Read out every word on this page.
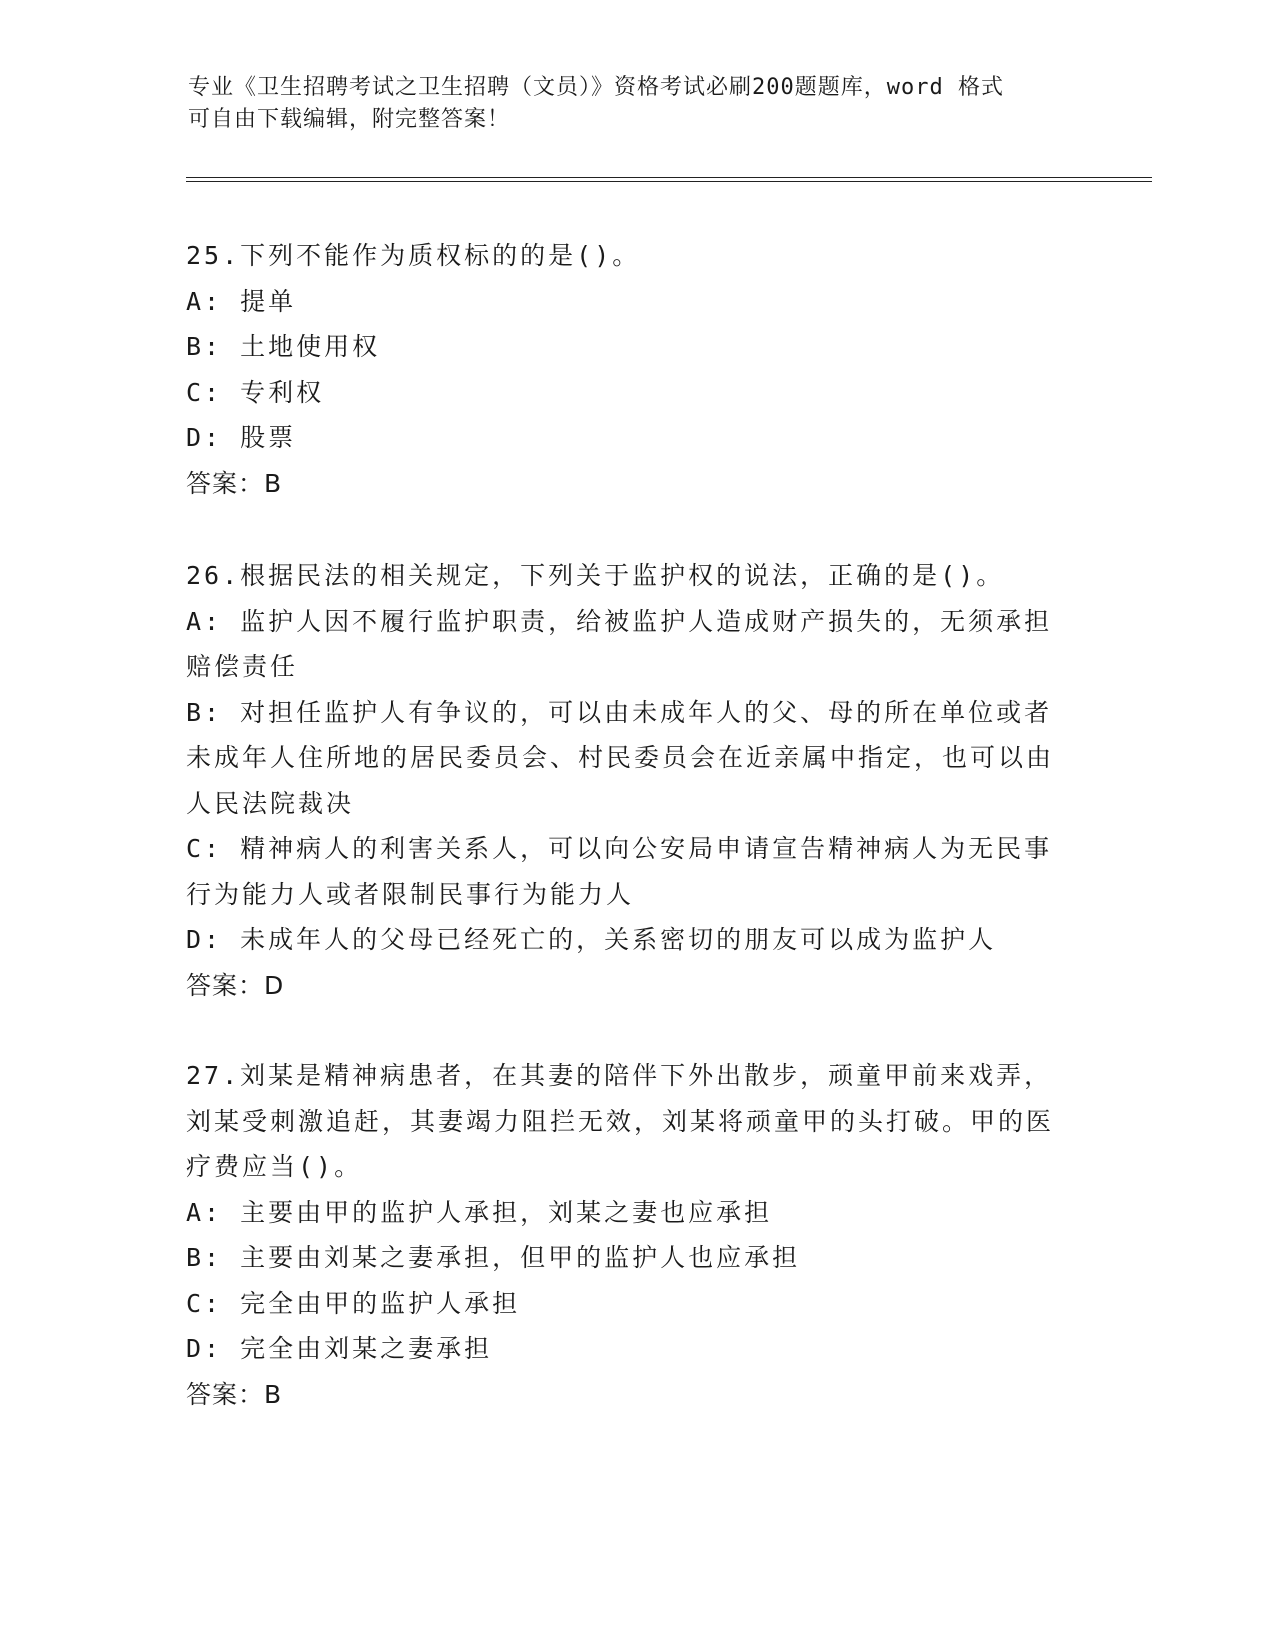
专业《卫生招聘考试之卫生招聘（文员）》资格考试必刷200题题库，word 格式
可自由下载编辑，附完整答案！
25.下列不能作为质权标的的是()。
A: 提单
B: 土地使用权
C: 专利权
D: 股票
答案：B
26.根据民法的相关规定，下列关于监护权的说法，正确的是()。
A: 监护人因不履行监护职责，给被监护人造成财产损失的，无须承担赔偿责任
B: 对担任监护人有争议的，可以由未成年人的父、母的所在单位或者未成年人住所地的居民委员会、村民委员会在近亲属中指定，也可以由人民法院裁决
C: 精神病人的利害关系人，可以向公安局申请宣告精神病人为无民事行为能力人或者限制民事行为能力人
D: 未成年人的父母已经死亡的，关系密切的朋友可以成为监护人
答案：D
27.刘某是精神病患者，在其妻的陪伴下外出散步，顽童甲前来戏弄，刘某受刺激追赶，其妻竭力阻拦无效，刘某将顽童甲的头打破。甲的医疗费应当()。
A: 主要由甲的监护人承担，刘某之妻也应承担
B: 主要由刘某之妻承担，但甲的监护人也应承担
C: 完全由甲的监护人承担
D: 完全由刘某之妻承担
答案：B
